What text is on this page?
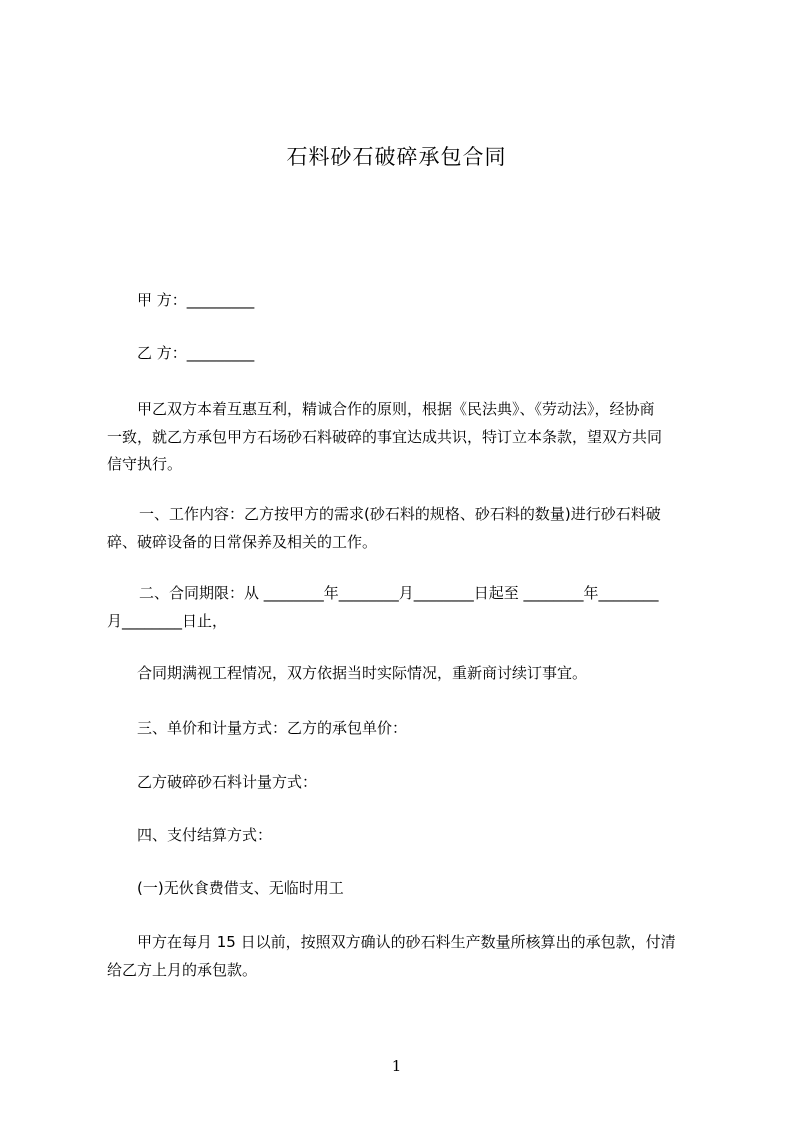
石料砂石破碎承包合同
甲 方：_________
乙 方：_________
甲乙双方本着互惠互利，精诚合作的原则，根据《民法典》、《劳动法》，经协商
一致，就乙方承包甲方石场砂石料破碎的事宜达成共识，特订立本条款，望双方共同
信守执行。
一、工作内容：乙方按甲方的需求(砂石料的规格、砂石料的数量)进行砂石料破
碎、破碎设备的日常保养及相关的工作。
二、合同期限：从 ________年________月________日起至 ________年________
月________日止，
合同期满视工程情况，双方依据当时实际情况，重新商讨续订事宜。
三、单价和计量方式：乙方的承包单价：
乙方破碎砂石料计量方式：
四、支付结算方式：
(一)无伙食费借支、无临时用工
甲方在每月 15 日以前，按照双方确认的砂石料生产数量所核算出的承包款，付清
给乙方上月的承包款。
1
